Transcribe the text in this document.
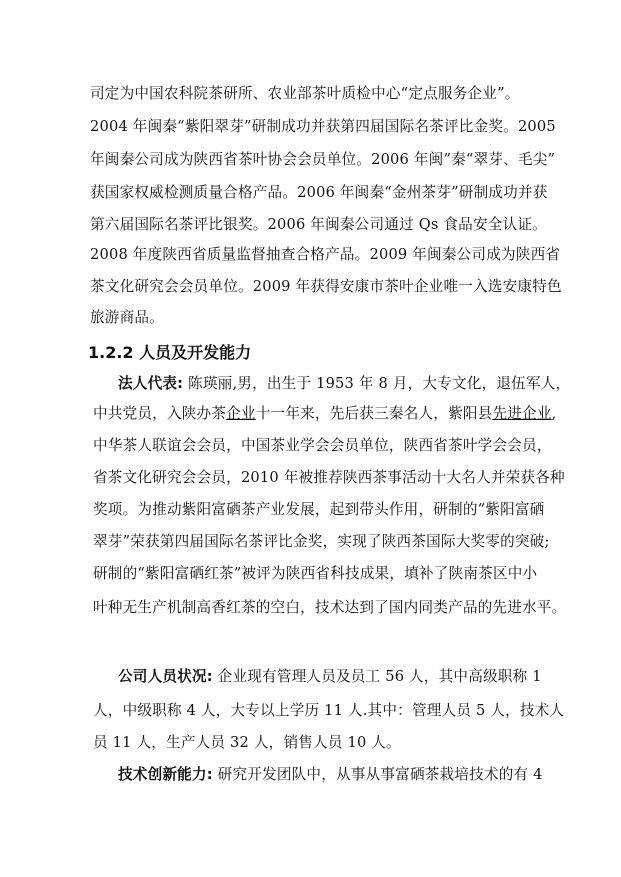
司定为中国农科院茶研所、农业部茶叶质检中心“定点服务企业”。
2004 年闽秦“紫阳翠芽”研制成功并获第四届国际名茶评比金奖。2005
年闽秦公司成为陕西省茶叶协会会员单位。2006 年闽”秦“翠芽、毛尖”
获国家权威检测质量合格产品。2006 年闽秦“金州茶芽”研制成功并获
第六届国际名茶评比银奖。2006 年闽秦公司通过 Qs 食品安全认证。
2008 年度陕西省质量监督抽查合格产品。2009 年闽秦公司成为陕西省
茶文化研究会会员单位。2009 年获得安康市茶叶企业唯一入选安康特色
旅游商品。
1.2.2 人员及开发能力
法人代表: 陈瑛丽,男，出生于 1953 年 8 月，大专文化，退伍军人，
中共党员，入陕办茶企业十一年来，先后获三秦名人，紫阳县先进企业,
中华茶人联谊会会员，中国茶业学会会员单位，陕西省茶叶学会会员，
省茶文化研究会会员，2010 年被推荐陕西茶事活动十大名人并荣获各种
奖项。为推动紫阳富硒茶产业发展，起到带头作用，研制的“紫阳富硒
翠芽”荣获第四届国际名茶评比金奖，实现了陕西茶国际大奖零的突破;
研制的“紫阳富硒红茶”被评为陕西省科技成果，填补了陕南茶区中小
叶种无生产机制高香红茶的空白，技术达到了国内同类产品的先进水平。
公司人员状况: 企业现有管理人员及员工 56 人，其中高级职称 1
人，中级职称 4 人，大专以上学历 11 人.其中：管理人员 5 人，技术人
员 11 人，生产人员 32 人，销售人员 10 人。
技术创新能力: 研究开发团队中，从事从事富硒茶栽培技术的有 4
